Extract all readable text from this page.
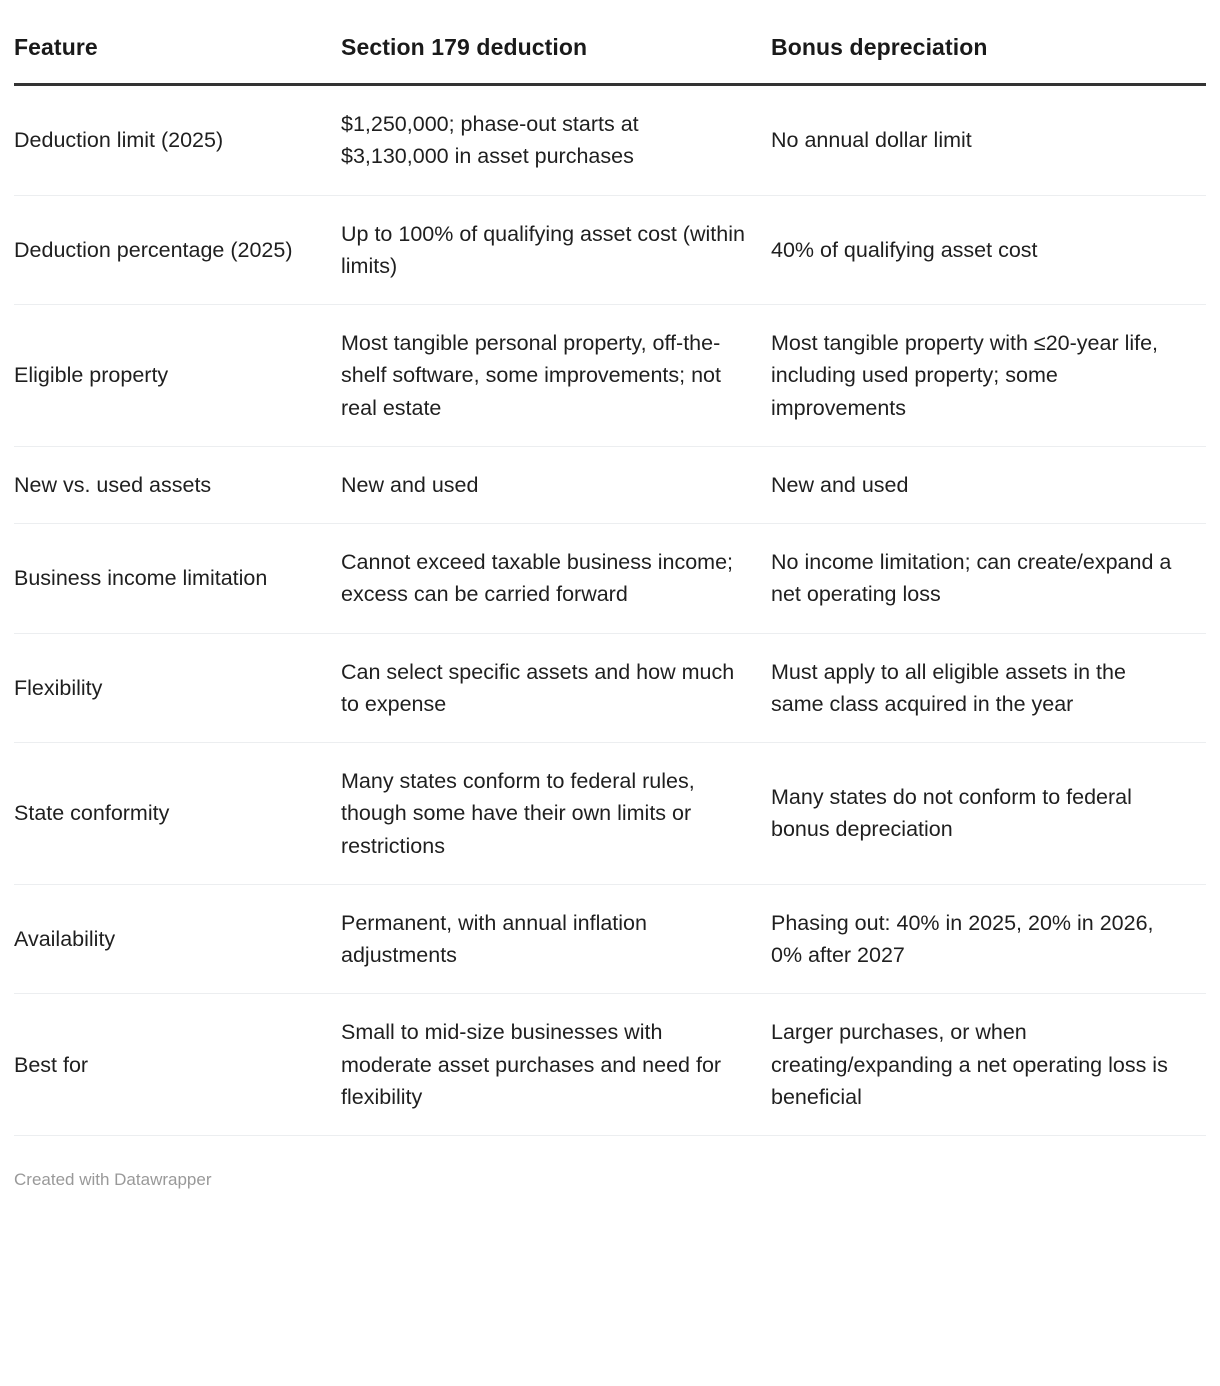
Feature	Section 179 deduction	Bonus depreciation
Deduction limit (2025)	$1,250,000; phase-out starts at $3,130,000 in asset purchases	No annual dollar limit
Deduction percentage (2025)	Up to 100% of qualifying asset cost (within limits)	40% of qualifying asset cost
Eligible property	Most tangible personal property, off-the-shelf software, some improvements; not real estate	Most tangible property with ≤20-year life, including used property; some improvements
New vs. used assets	New and used	New and used
Business income limitation	Cannot exceed taxable business income; excess can be carried forward	No income limitation; can create/expand a net operating loss
Flexibility	Can select specific assets and how much to expense	Must apply to all eligible assets in the same class acquired in the year
State conformity	Many states conform to federal rules, though some have their own limits or restrictions	Many states do not conform to federal bonus depreciation
Availability	Permanent, with annual inflation adjustments	Phasing out: 40% in 2025, 20% in 2026, 0% after 2027
Best for	Small to mid-size businesses with moderate asset purchases and need for flexibility	Larger purchases, or when creating/expanding a net operating loss is beneficial
Created with Datawrapper
